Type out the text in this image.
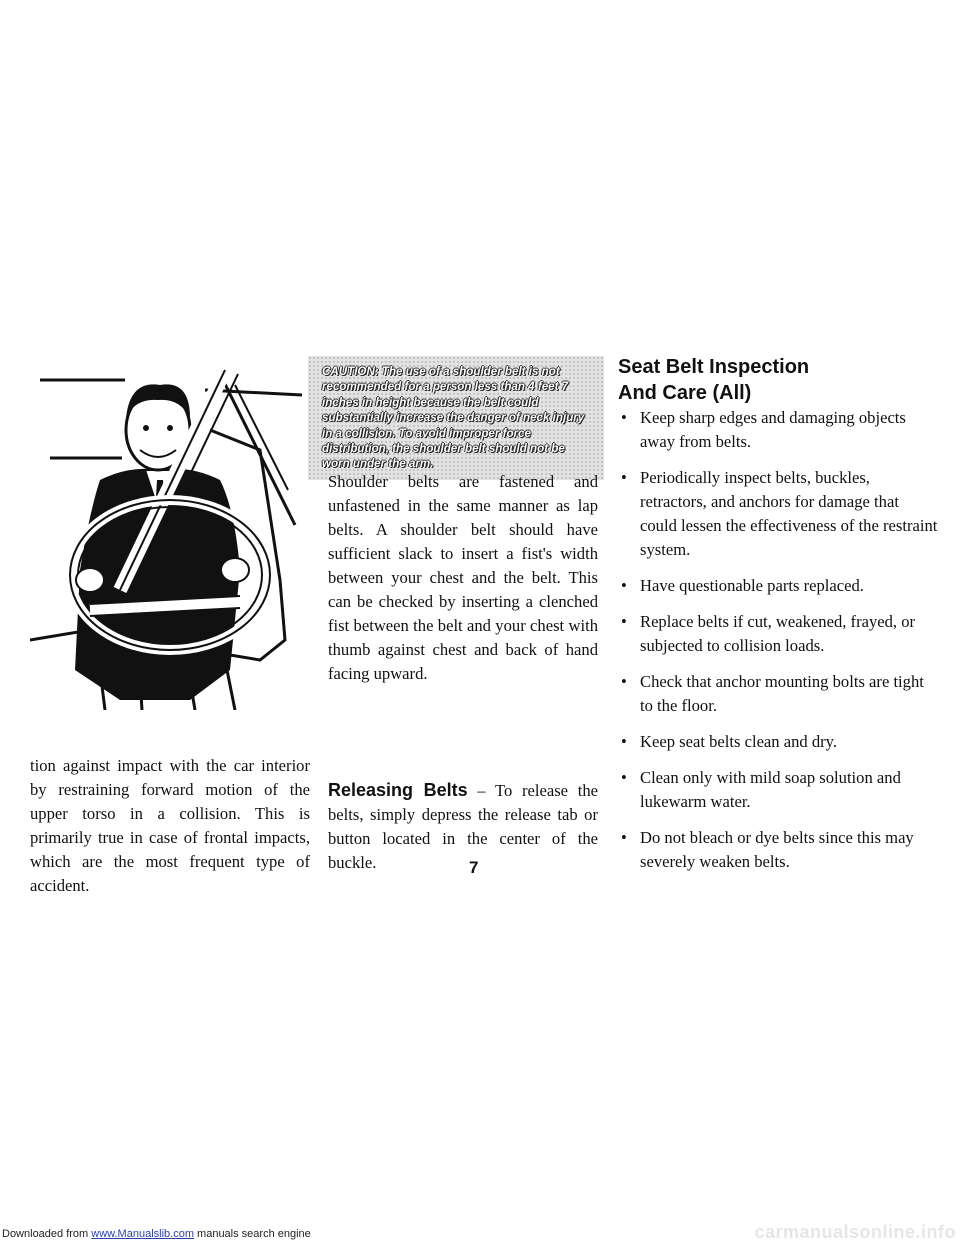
CAUTION: The use of a shoulder belt is not recommended for a person less than 4 feet 7 inches in height because the belt could substantially increase the danger of neck injury in a collision. To avoid improper force distribution, the shoulder belt should not be worn under the arm.
tion against impact with the car interior by restraining forward motion of the upper torso in a collision. This is primarily true in case of frontal impacts, which are the most frequent type of accident.
Shoulder belts are fastened and unfastened in the same manner as lap belts. A shoulder belt should have sufficient slack to insert a fist's width between your chest and the belt. This can be checked by inserting a clenched fist between the belt and your chest with thumb against chest and back of hand facing upward.
Releasing Belts – To release the belts, simply depress the release tab or button located in the center of the buckle.	7
Seat Belt Inspection
And Care (All)
• Keep sharp edges and damaging objects away from belts.
• Periodically inspect belts, buckles, retractors, and anchors for damage that could lessen the effectiveness of the restraint system.
• Have questionable parts replaced.
• Replace belts if cut, weakened, frayed, or subjected to collision loads.
• Check that anchor mounting bolts are tight to the floor.
• Keep seat belts clean and dry.
• Clean only with mild soap solution and lukewarm water.
• Do not bleach or dye belts since this may severely weaken belts.
Downloaded from www.Manualslib.com manuals search engine	carmanualsonline.info
